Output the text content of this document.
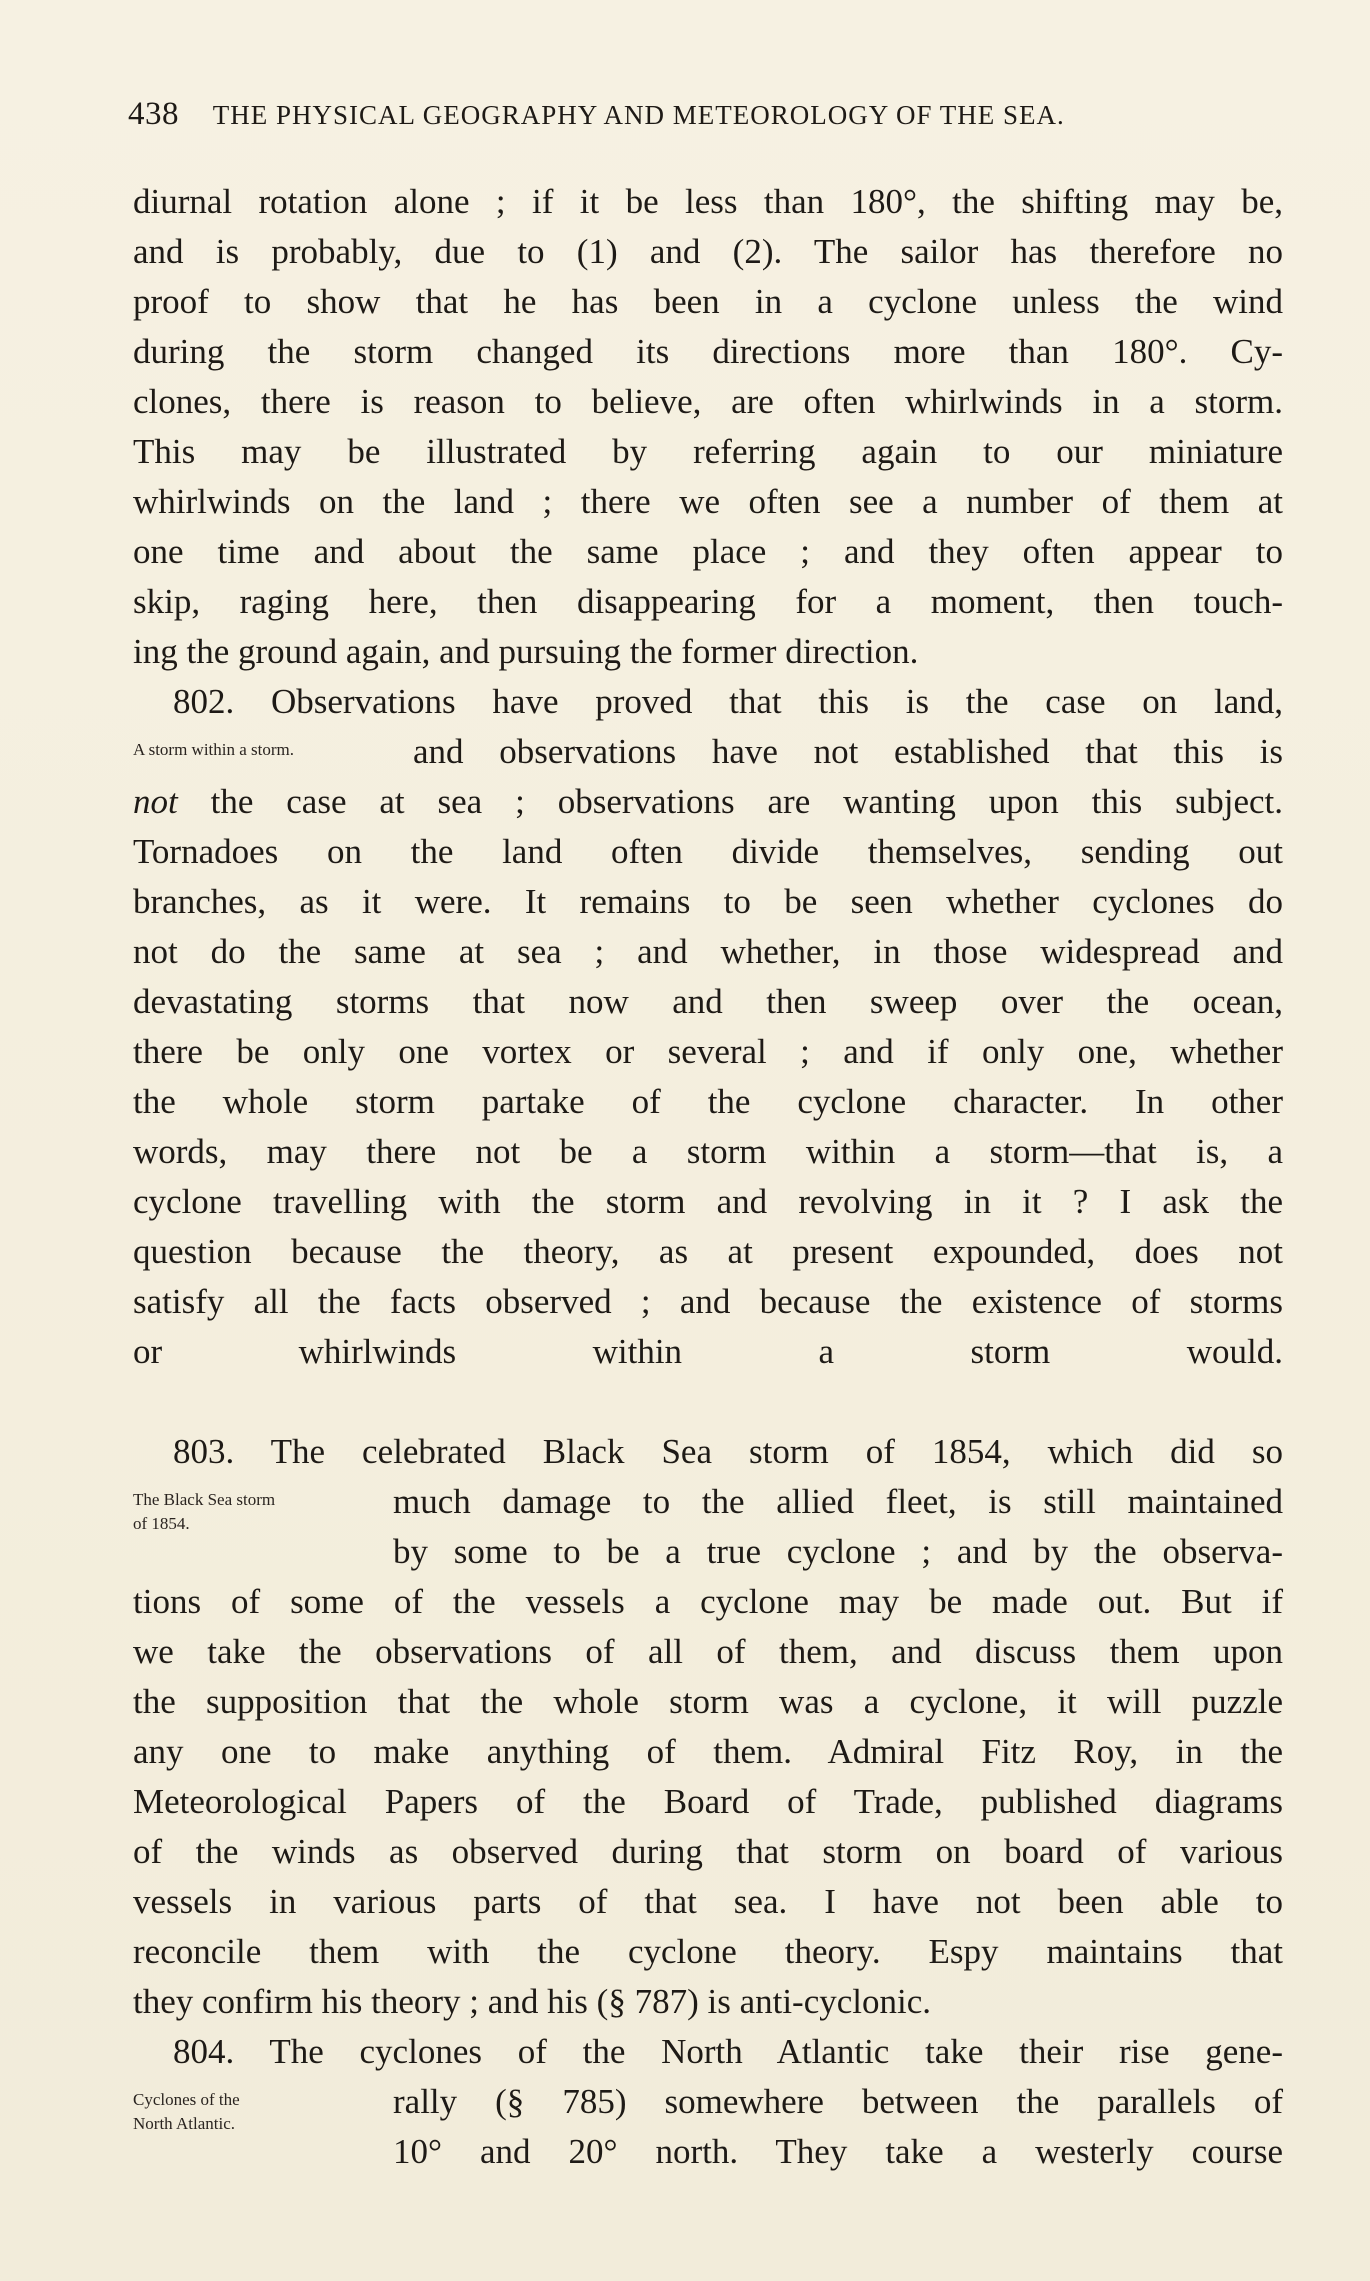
438 THE PHYSICAL GEOGRAPHY AND METEOROLOGY OF THE SEA.
diurnal rotation alone ; if it be less than 180°, the shifting may be,
and is probably, due to (1) and (2). The sailor has therefore no
proof to show that he has been in a cyclone unless the wind
during the storm changed its directions more than 180°. Cy-
clones, there is reason to believe, are often whirlwinds in a storm.
This may be illustrated by referring again to our miniature
whirlwinds on the land ; there we often see a number of them at
one time and about the same place ; and they often appear to
skip, raging here, then disappearing for a moment, then touch-
ing the ground again, and pursuing the former direction.
802. Observations have proved that this is the case on land,
A storm within a storm.	and observations have not established that this is
not the case at sea ; observations are wanting upon this subject.
Tornadoes on the land often divide themselves, sending out
branches, as it were. It remains to be seen whether cyclones do
not do the same at sea ; and whether, in those widespread and
devastating storms that now and then sweep over the ocean,
there be only one vortex or several ; and if only one, whether
the whole storm partake of the cyclone character. In other
words, may there not be a storm within a storm—that is, a
cyclone travelling with the storm and revolving in it ? I ask the
question because the theory, as at present expounded, does not
satisfy all the facts observed ; and because the existence of storms
or whirlwinds within a storm would.
803. The celebrated Black Sea storm of 1854, which did so
The Black Sea storm
of 1854.
much damage to the allied fleet, is still maintained
by some to be a true cyclone ; and by the observa-
tions of some of the vessels a cyclone may be made out. But if
we take the observations of all of them, and discuss them upon
the supposition that the whole storm was a cyclone, it will puzzle
any one to make anything of them. Admiral Fitz Roy, in the
Meteorological Papers of the Board of Trade, published diagrams
of the winds as observed during that storm on board of various
vessels in various parts of that sea. I have not been able to
reconcile them with the cyclone theory. Espy maintains that
they confirm his theory ; and his (§ 787) is anti-cyclonic.
804. The cyclones of the North Atlantic take their rise gene-
Cyclones of the
North Atlantic.
rally (§ 785) somewhere between the parallels of
10° and 20° north. They take a westerly course
